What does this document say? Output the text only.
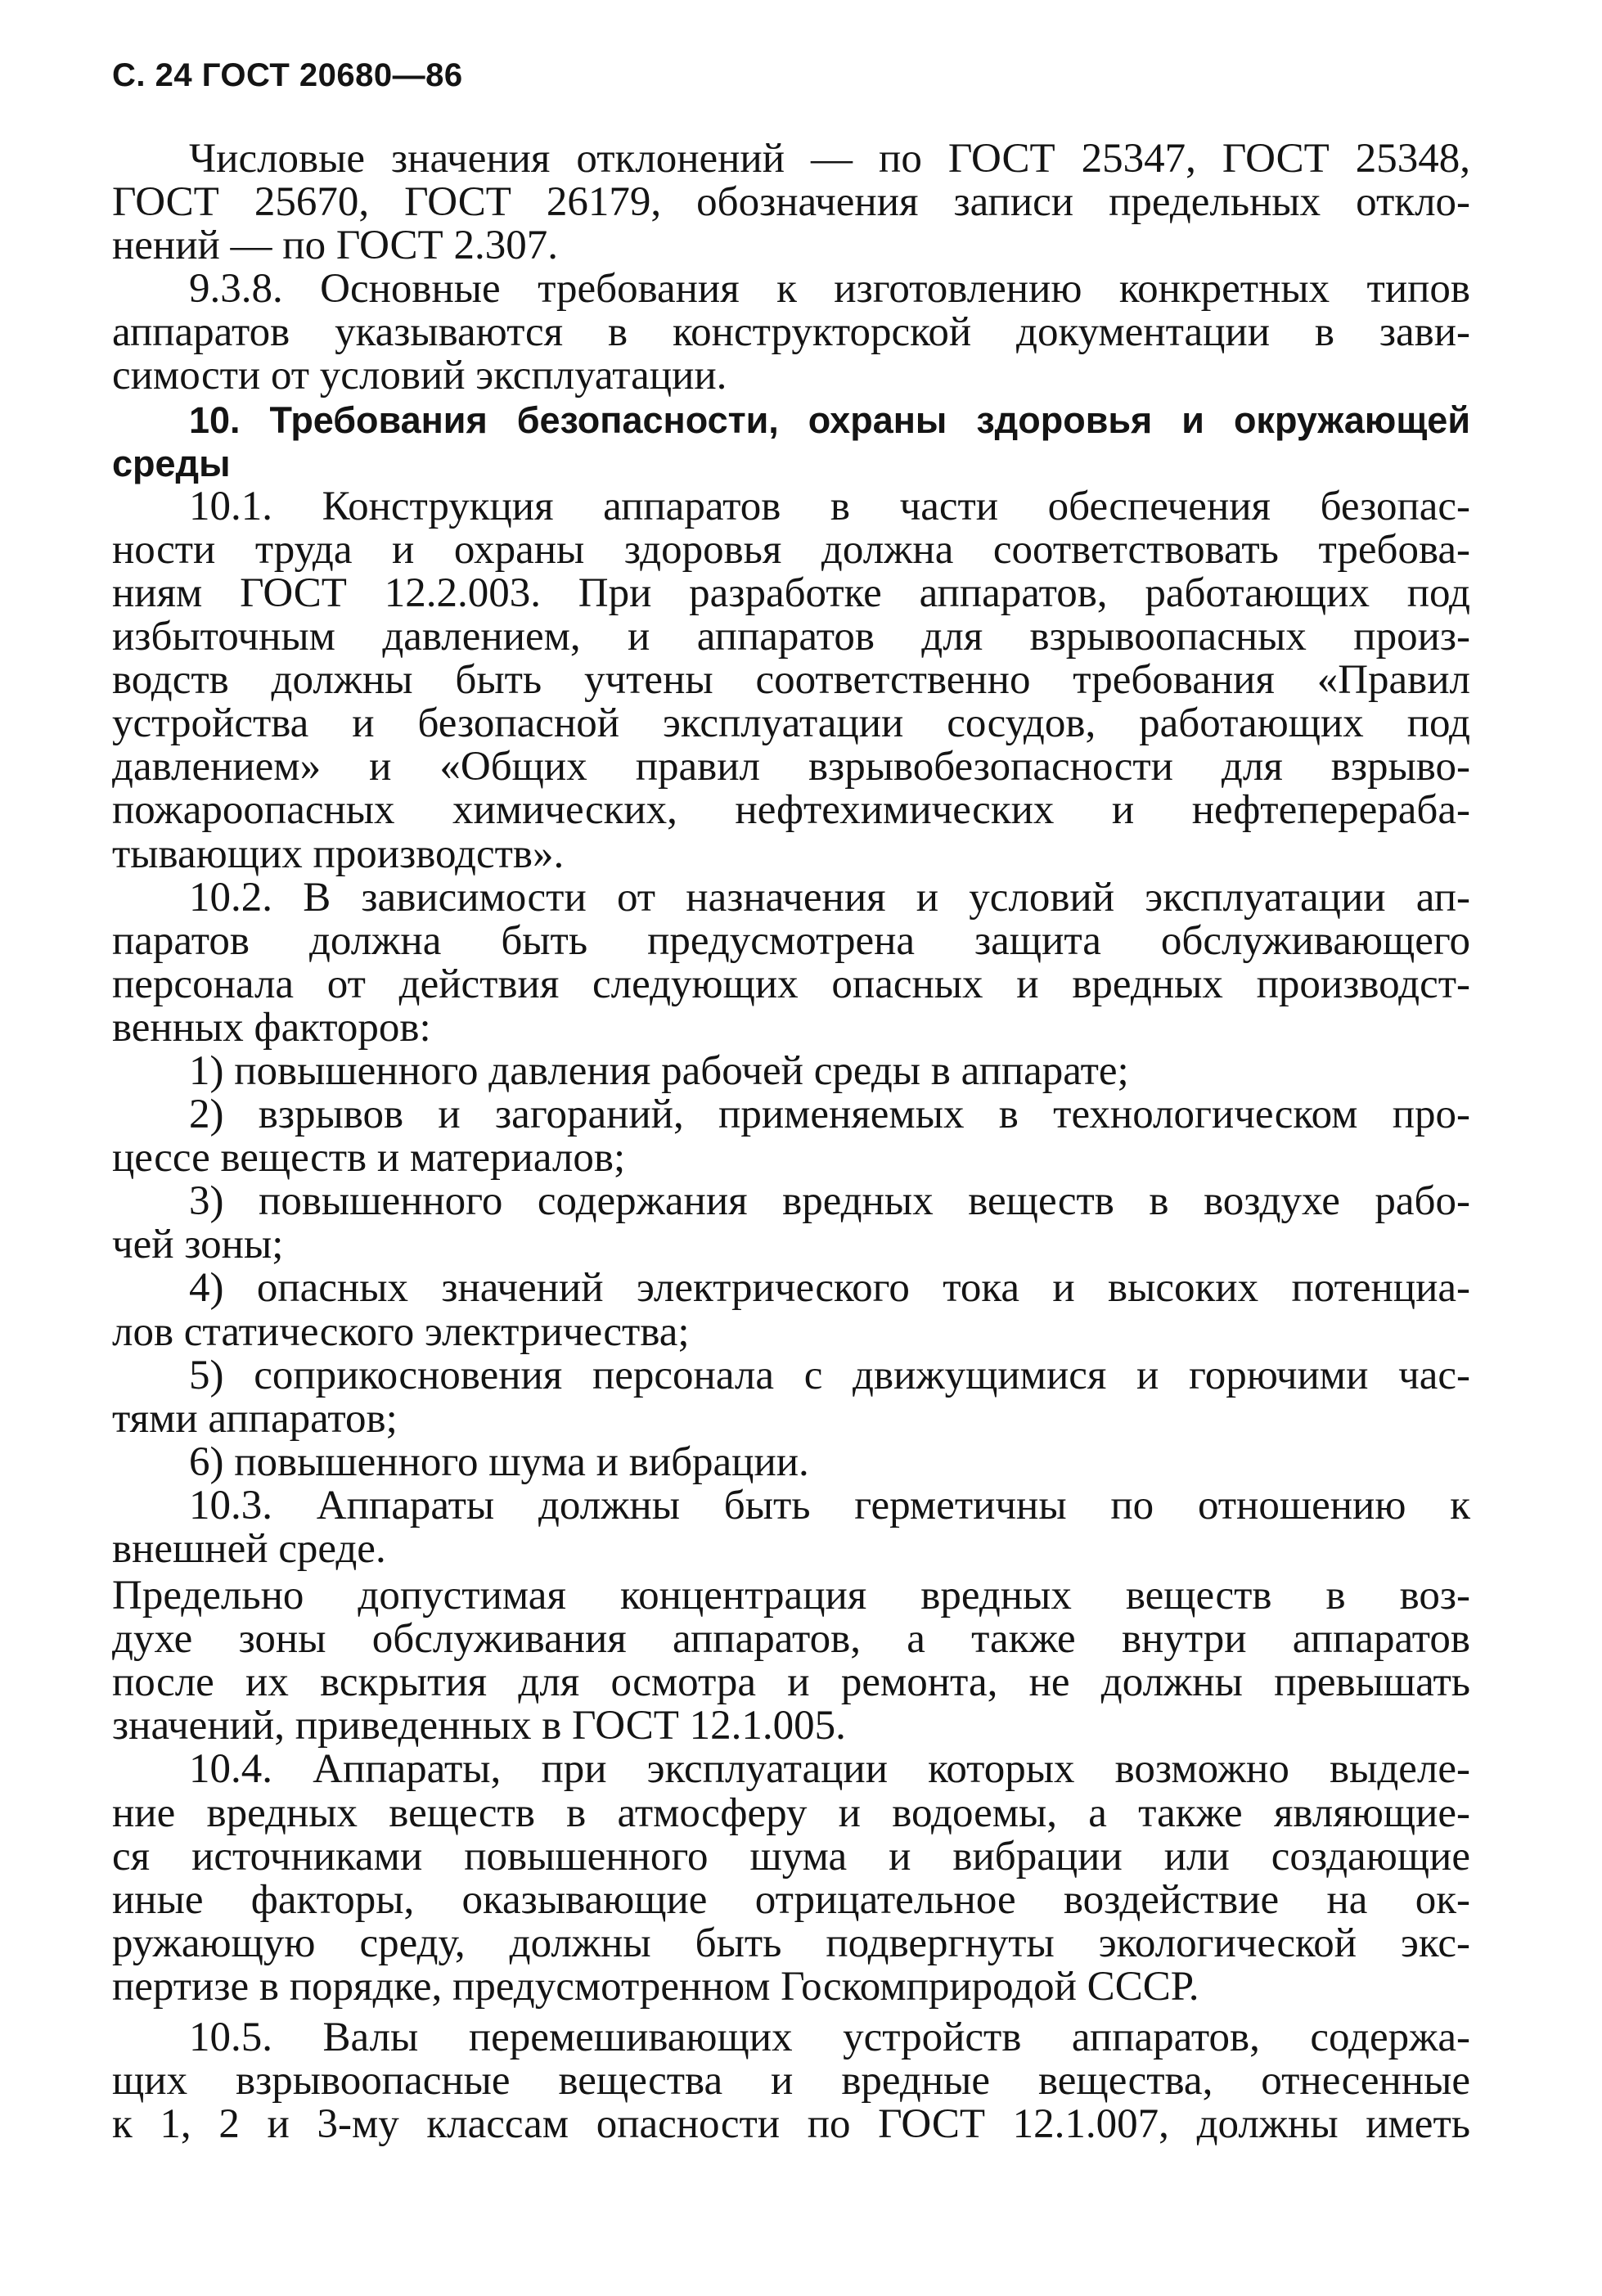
С. 24 ГОСТ 20680—86
Числовые значения отклонений — по ГОСТ 25347, ГОСТ 25348,
ГОСТ 25670, ГОСТ 26179, обозначения записи предельных откло-
нений — по ГОСТ 2.307.
9.3.8. Основные требования к изготовлению конкретных типов
аппаратов указываются в конструкторской документации в зави-
симости от условий эксплуатации.
10. Требования безопасности, охраны здоровья и окружающей
среды
10.1. Конструкция аппаратов в части обеспечения безопас-
ности труда и охраны здоровья должна соответствовать требова-
ниям ГОСТ 12.2.003. При разработке аппаратов, работающих под
избыточным давлением, и аппаратов для взрывоопасных произ-
водств должны быть учтены соответственно требования «Правил
устройства и безопасной эксплуатации сосудов, работающих под
давлением» и «Общих правил взрывобезопасности для взрыво-
пожароопасных химических, нефтехимических и нефтеперераба-
тывающих производств».
10.2. В зависимости от назначения и условий эксплуатации ап-
паратов должна быть предусмотрена защита обслуживающего
персонала от действия следующих опасных и вредных производст-
венных факторов:
1) повышенного давления рабочей среды в аппарате;
2) взрывов и загораний, применяемых в технологическом про-
цессе веществ и материалов;
3) повышенного содержания вредных веществ в воздухе рабо-
чей зоны;
4) опасных значений электрического тока и высоких потенциа-
лов статического электричества;
5) соприкосновения персонала с движущимися и горючими час-
тями аппаратов;
6) повышенного шума и вибрации.
10.3. Аппараты должны быть герметичны по отношению к
внешней среде.
Предельно допустимая концентрация вредных веществ в воз-
духе зоны обслуживания аппаратов, а также внутри аппаратов
после их вскрытия для осмотра и ремонта, не должны превышать
значений, приведенных в ГОСТ 12.1.005.
10.4. Аппараты, при эксплуатации которых возможно выделе-
ние вредных веществ в атмосферу и водоемы, а также являющие-
ся источниками повышенного шума и вибрации или создающие
иные факторы, оказывающие отрицательное воздействие на ок-
ружающую среду, должны быть подвергнуты экологической экс-
пертизе в порядке, предусмотренном Госкомприродой СССР.
10.5. Валы перемешивающих устройств аппаратов, содержа-
щих взрывоопасные вещества и вредные вещества, отнесенные
к 1, 2 и 3-му классам опасности по ГОСТ 12.1.007, должны иметь
